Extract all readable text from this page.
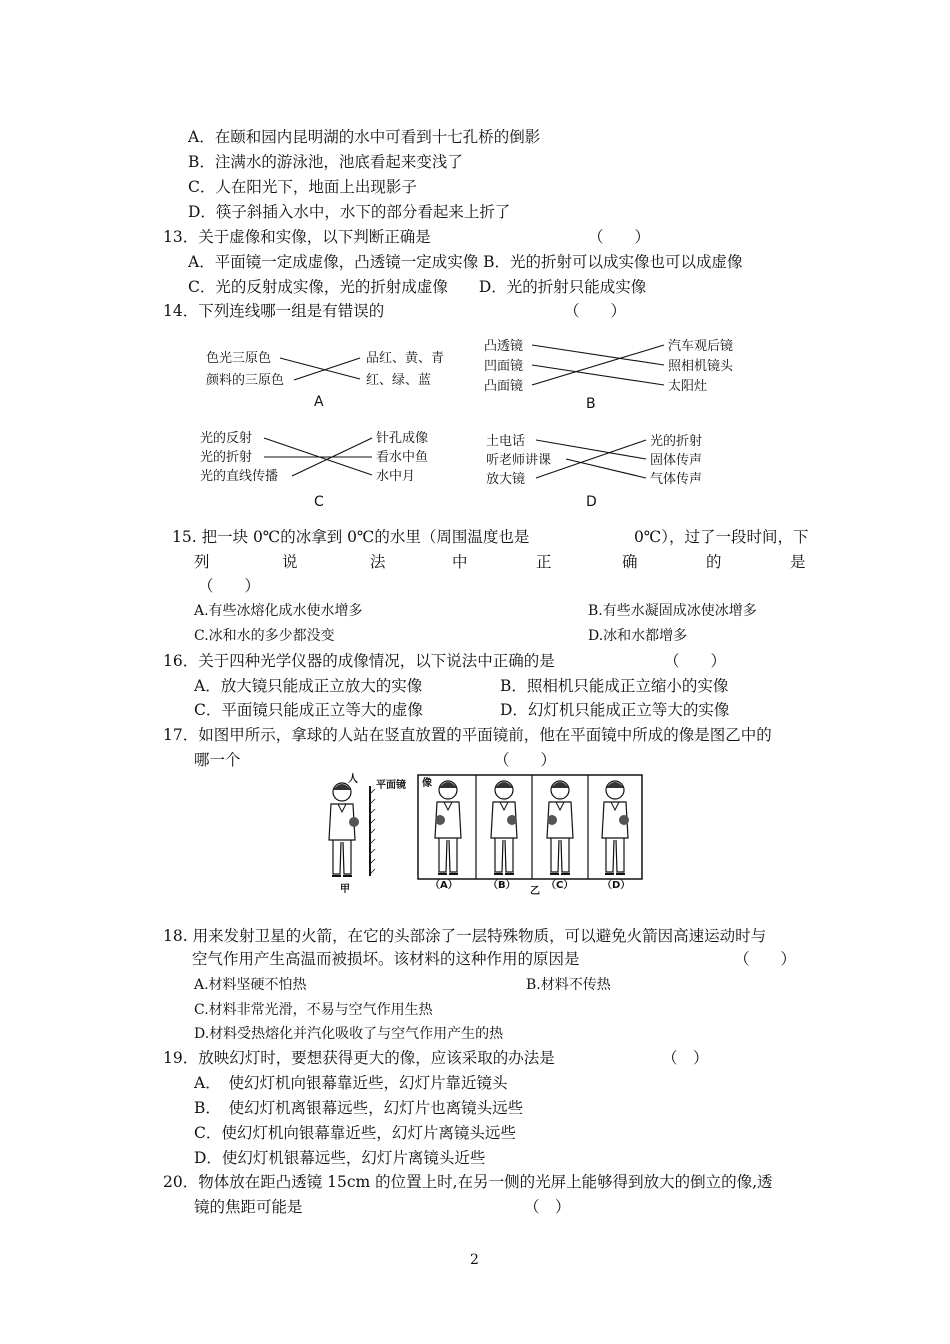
A．在颐和园内昆明湖的水中可看到十七孔桥的倒影
B．注满水的游泳池，池底看起来变浅了
C．人在阳光下，地面上出现影子
D．筷子斜插入水中，水下的部分看起来上折了
13．关于虚像和实像，以下判断正确是	（　　）
A．平面镜一定成虚像，凸透镜一定成实像 B．光的折射可以成实像也可以成虚像
C．光的反射成实像，光的折射成虚像　　D．光的折射只能成实像
14．下列连线哪一组是有错误的	（　　）
色光三原色
颜料的三原色
品红、黄、青
红、绿、蓝
A
凸透镜
凹面镜
凸面镜
汽车观后镜
照相机镜头
太阳灶
B
光的反射
光的折射
光的直线传播
针孔成像
看水中鱼
水中月
C
土电话
听老师讲课
放大镜
光的折射
固体传声
气体传声
D
15. 把一块 0℃的冰拿到 0℃的水里（周围温度也是	0℃），过了一段时间，下
列	说	法	中	正	确	的	是
（　　）
A.有些冰熔化成水使水增多	B.有些水凝固成冰使冰增多
C.冰和水的多少都没变	D.冰和水都增多
16．关于四种光学仪器的成像情况，以下说法中正确的是	（　　）
A．放大镜只能成正立放大的实像	B．照相机只能成正立缩小的实像
C．平面镜只能成正立等大的虚像	D．幻灯机只能成正立等大的实像
17．如图甲所示，拿球的人站在竖直放置的平面镜前，他在平面镜中所成的像是图乙中的
哪一个	（　　）
人
平面镜 像
甲	乙
（A）	（B）	（C）	（D）
18. 用来发射卫星的火箭，在它的头部涂了一层特殊物质，可以避免火箭因高速运动时与
空气作用产生高温而被损坏。该材料的这种作用的原因是	（　　）
A.材料坚硬不怕热	B.材料不传热
C.材料非常光滑，不易与空气作用生热
D.材料受热熔化并汽化吸收了与空气作用产生的热
19．放映幻灯时，要想获得更大的像，应该采取的办法是	（　）
A．　使幻灯机向银幕靠近些，幻灯片靠近镜头
B．　使幻灯机离银幕远些，幻灯片也离镜头远些
C．使幻灯机向银幕靠近些，幻灯片离镜头远些
D．使幻灯机银幕远些，幻灯片离镜头近些
20．物体放在距凸透镜 15cm 的位置上时,在另一侧的光屏上能够得到放大的倒立的像,透
镜的焦距可能是	（　）
2
